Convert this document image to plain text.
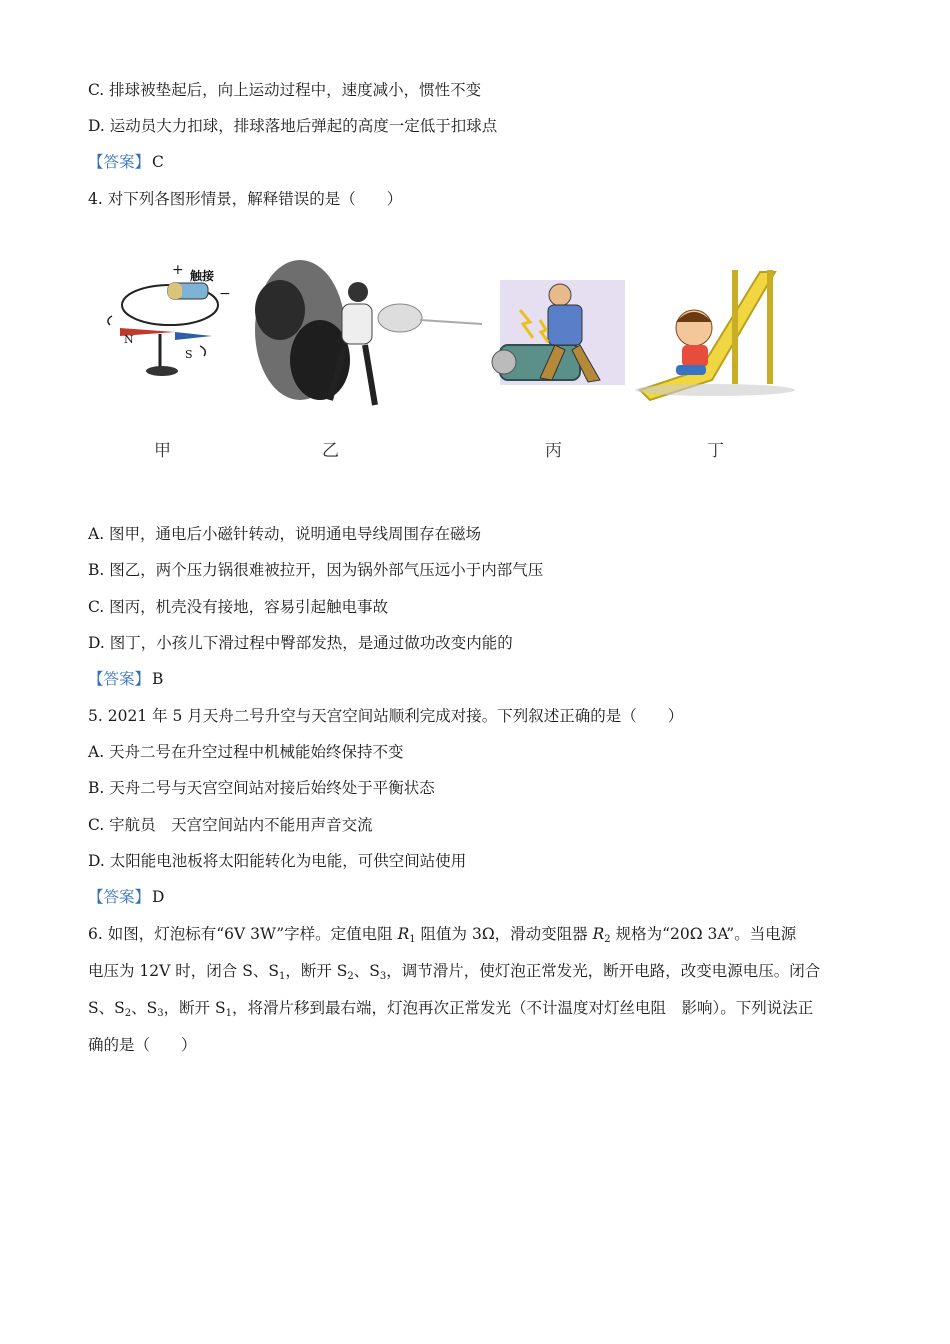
C. 排球被垫起后，向上运动过程中，速度减小，惯性不变
D. 运动员大力扣球，排球落地后弹起的高度一定低于扣球点
【答案】 C
4. 对下列各图形情景，解释错误的是（　　）
+ 触接
−
N
S
甲	乙	丙	丁
A. 图甲，通电后小磁针转动，说明通电导线周围存在磁场
B. 图乙，两个压力锅很难被拉开，因为锅外部气压远小于内部气压
C. 图丙，机壳没有接地，容易引起触电事故
D. 图丁，小孩儿下滑过程中臀部发热，是通过做功改变内能的
【答案】 B
5. 2021 年 5 月天舟二号升空与天宫空间站顺利完成对接。下列叙述正确的是（　　）
A. 天舟二号在升空过程中机械能始终保持不变
B. 天舟二号与天宫空间站对接后始终处于平衡状态
C. 宇航员　天宫空间站内不能用声音交流
D. 太阳能电池板将太阳能转化为电能，可供空间站使用
【答案】 D
6. 如图，灯泡标有“6V 3W”字样。定值电阻 $R_1$ 阻值为 3Ω，滑动变阻器 $R_2$ 规格为“20Ω 3A”。当电源
电压为 12V 时，闭合 S、$S_1$，断开 $S_2$、$S_3$，调节滑片，使灯泡正常发光，断开电路，改变电源电压。闭合
S、$S_2$、$S_3$，断开 $S_1$，将滑片移到最右端，灯泡再次正常发光（不计温度对灯丝电阻　影响）。下列说法正
确的是（　　）
